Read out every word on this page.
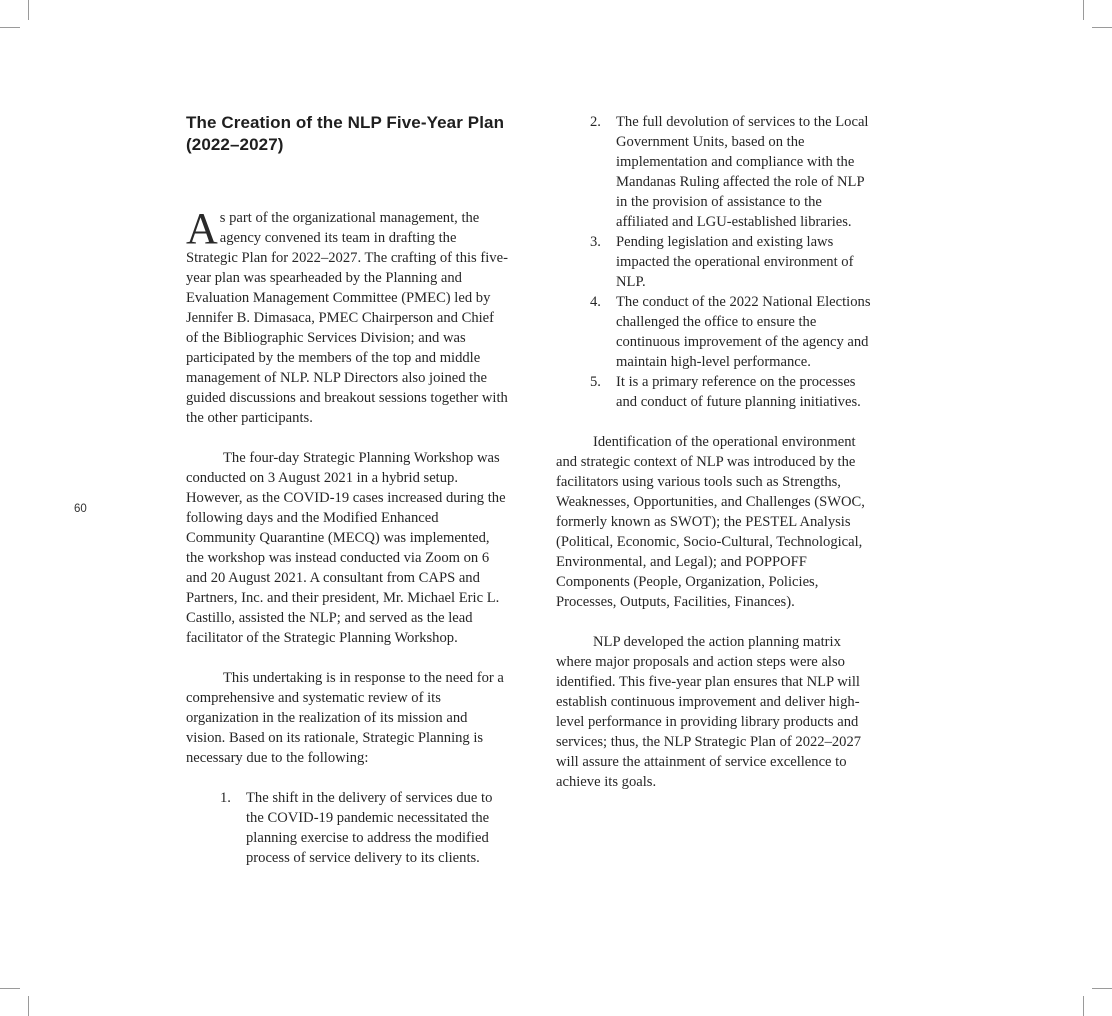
60
The Creation of the NLP Five-Year Plan (2022–2027)

As part of the organizational management, the agency convened its team in drafting the Strategic Plan for 2022–2027. The crafting of this five-year plan was spearheaded by the Planning and Evaluation Management Committee (PMEC) led by Jennifer B. Dimasaca, PMEC Chairperson and Chief of the Bibliographic Services Division; and was participated by the members of the top and middle management of NLP. NLP Directors also joined the guided discussions and breakout sessions together with the other participants.

The four-day Strategic Planning Workshop was conducted on 3 August 2021 in a hybrid setup. However, as the COVID-19 cases increased during the following days and the Modified Enhanced Community Quarantine (MECQ) was implemented, the workshop was instead conducted via Zoom on 6 and 20 August 2021. A consultant from CAPS and Partners, Inc. and their president, Mr. Michael Eric L. Castillo, assisted the NLP; and served as the lead facilitator of the Strategic Planning Workshop.

This undertaking is in response to the need for a comprehensive and systematic review of its organization in the realization of its mission and vision. Based on its rationale, Strategic Planning is necessary due to the following:

1. The shift in the delivery of services due to the COVID-19 pandemic necessitated the planning exercise to address the modified process of service delivery to its clients.
2. The full devolution of services to the Local Government Units, based on the implementation and compliance with the Mandanas Ruling affected the role of NLP in the provision of assistance to the affiliated and LGU-established libraries.
3. Pending legislation and existing laws impacted the operational environment of NLP.
4. The conduct of the 2022 National Elections challenged the office to ensure the continuous improvement of the agency and maintain high-level performance.
5. It is a primary reference on the processes and conduct of future planning initiatives.

Identification of the operational environment and strategic context of NLP was introduced by the facilitators using various tools such as Strengths, Weaknesses, Opportunities, and Challenges (SWOC, formerly known as SWOT); the PESTEL Analysis (Political, Economic, Socio-Cultural, Technological, Environmental, and Legal); and POPPOFF Components (People, Organization, Policies, Processes, Outputs, Facilities, Finances).

NLP developed the action planning matrix where major proposals and action steps were also identified. This five-year plan ensures that NLP will establish continuous improvement and deliver high-level performance in providing library products and services; thus, the NLP Strategic Plan of 2022–2027 will assure the attainment of service excellence to achieve its goals.
